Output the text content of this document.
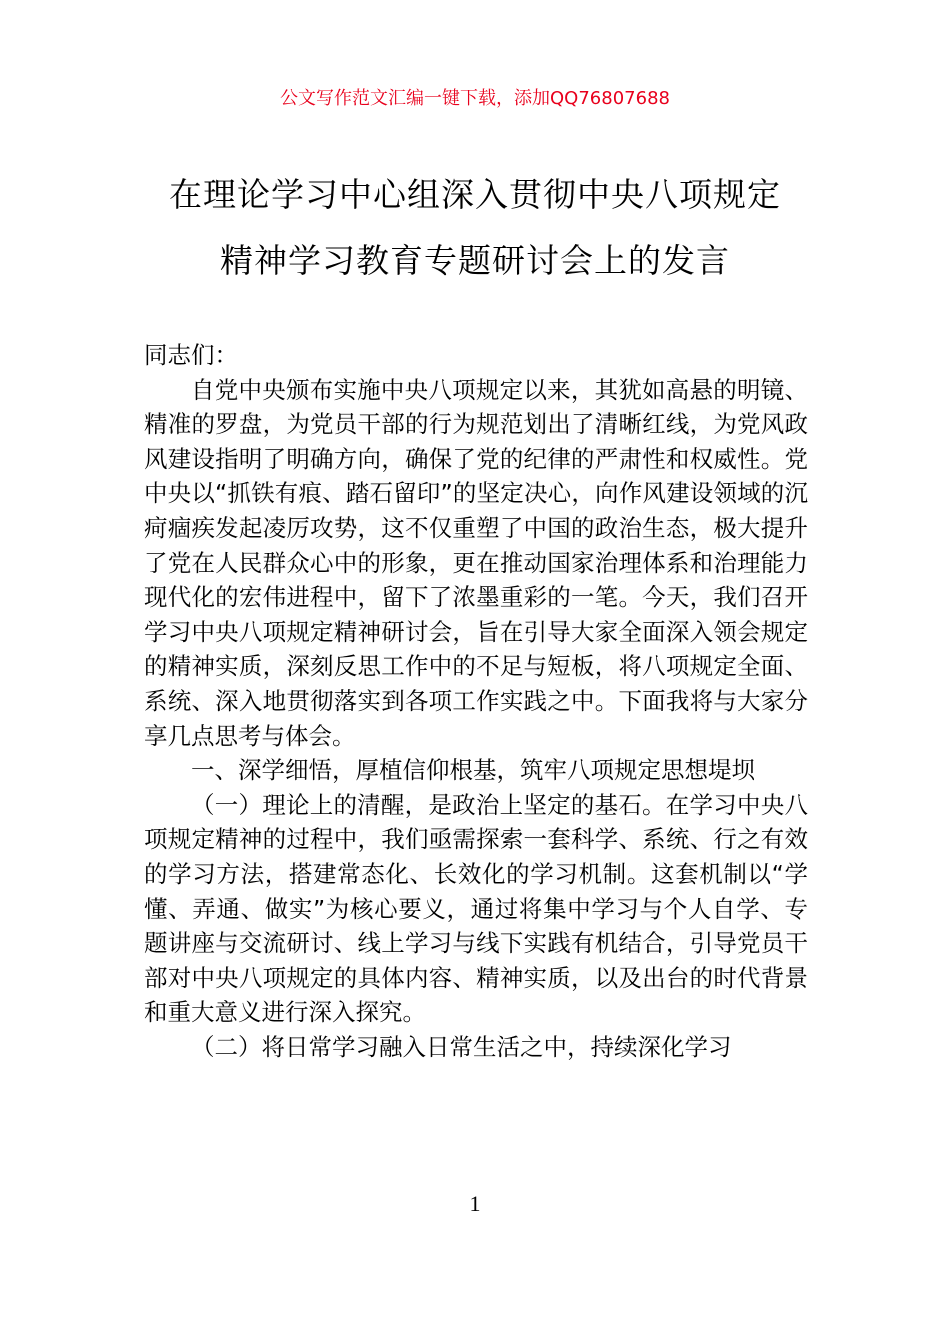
公文写作范文汇编一键下载，添加QQ76807688
在理论学习中心组深入贯彻中央八项规定
精神学习教育专题研讨会上的发言

同志们：

自党中央颁布实施中央八项规定以来，其犹如高悬的明镜、精准的罗盘，为党员干部的行为规范划出了清晰红线，为党风政风建设指明了明确方向，确保了党的纪律的严肃性和权威性。党中央以“抓铁有痕、踏石留印”的坚定决心，向作风建设领域的沉疴痼疾发起凌厉攻势，这不仅重塑了中国的政治生态，极大提升了党在人民群众心中的形象，更在推动国家治理体系和治理能力现代化的宏伟进程中，留下了浓墨重彩的一笔。今天，我们召开学习中央八项规定精神研讨会，旨在引导大家全面深入领会规定的精神实质，深刻反思工作中的不足与短板，将八项规定全面、系统、深入地贯彻落实到各项工作实践之中。下面我将与大家分享几点思考与体会。

一、深学细悟，厚植信仰根基，筑牢八项规定思想堤坝

（一）理论上的清醒，是政治上坚定的基石。在学习中央八项规定精神的过程中，我们亟需探索一套科学、系统、行之有效的学习方法，搭建常态化、长效化的学习机制。这套机制以“学懂、弄通、做实”为核心要义，通过将集中学习与个人自学、专题讲座与交流研讨、线上学习与线下实践有机结合，引导党员干部对中央八项规定的具体内容、精神实质，以及出台的时代背景和重大意义进行深入探究。

（二）将日常学习融入日常生活之中，持续深化学习

1
